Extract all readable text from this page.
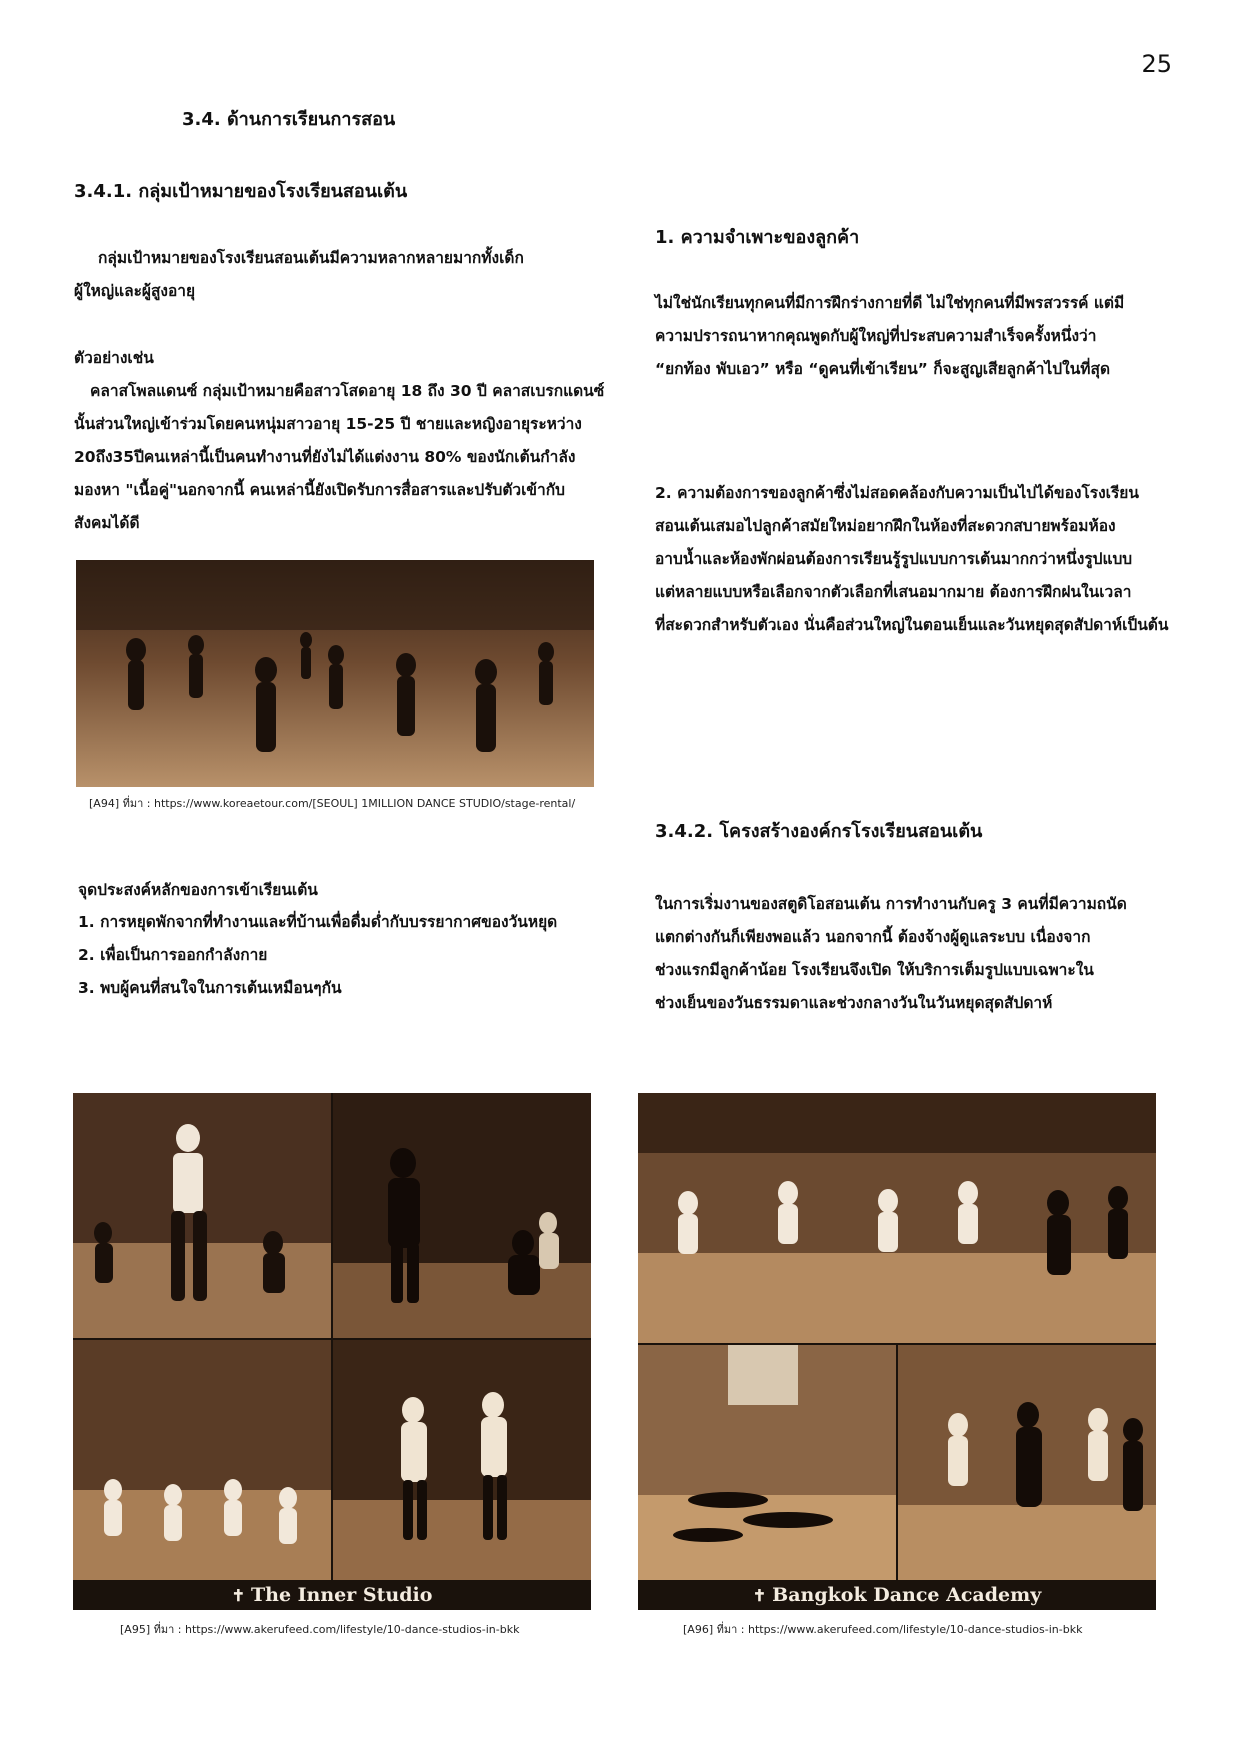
25
3.4. ด้านการเรียนการสอน
3.4.1. กลุ่มเป้าหมายของโรงเรียนสอนเต้น
กลุ่มเป้าหมายของโรงเรียนสอนเต้นมีความหลากหลายมากทั้งเด็ก
ผู้ใหญ่และผู้สูงอายุ
ตัวอย่างเช่น
คลาสโพลแดนซ์ กลุ่มเป้าหมายคือสาวโสดอายุ 18 ถึง 30 ปี คลาสเบรกแดนซ์
นั้นส่วนใหญ่เข้าร่วมโดยคนหนุ่มสาวอายุ 15-25 ปี ชายและหญิงอายุระหว่าง
20ถึง35ปีคนเหล่านี้เป็นคนทำงานที่ยังไม่ได้แต่งงาน 80% ของนักเต้นกำลัง
มองหา "เนื้อคู่"นอกจากนี้ คนเหล่านี้ยังเปิดรับการสื่อสารและปรับตัวเข้ากับ
สังคมได้ดี
[A94] ที่มา : https://www.koreaetour.com/[SEOUL] 1MILLION DANCE STUDIO/stage-rental/
จุดประสงค์หลักของการเข้าเรียนเต้น
1. การหยุดพักจากที่ทำงานและที่บ้านเพื่อดื่มด่ำกับบรรยากาศของวันหยุด
2. เพื่อเป็นการออกกำลังกาย
3. พบผู้คนที่สนใจในการเต้นเหมือนๆกัน
1. ความจำเพาะของลูกค้า
ไม่ใช่นักเรียนทุกคนที่มีการฝึกร่างกายที่ดี ไม่ใช่ทุกคนที่มีพรสวรรค์ แต่มี
ความปรารถนาหากคุณพูดกับผู้ใหญ่ที่ประสบความสำเร็จครั้งหนึ่งว่า
“ยกท้อง พับเอว” หรือ “ดูคนที่เข้าเรียน” ก็จะสูญเสียลูกค้าไปในที่สุด
2. ความต้องการของลูกค้าซึ่งไม่สอดคล้องกับความเป็นไปได้ของโรงเรียน
สอนเต้นเสมอไปลูกค้าสมัยใหม่อยากฝึกในห้องที่สะดวกสบายพร้อมห้อง
อาบน้ำและห้องพักผ่อนต้องการเรียนรู้รูปแบบการเต้นมากกว่าหนึ่งรูปแบบ
แต่หลายแบบหรือเลือกจากตัวเลือกที่เสนอมากมาย ต้องการฝึกฝนในเวลา
ที่สะดวกสำหรับตัวเอง นั่นคือส่วนใหญ่ในตอนเย็นและวันหยุดสุดสัปดาห์เป็นต้น
3.4.2. โครงสร้างองค์กรโรงเรียนสอนเต้น
ในการเริ่มงานของสตูดิโอสอนเต้น การทำงานกับครู 3 คนที่มีความถนัด
แตกต่างกันก็เพียงพอแล้ว นอกจากนี้ ต้องจ้างผู้ดูแลระบบ เนื่องจาก
ช่วงแรกมีลูกค้าน้อย โรงเรียนจึงเปิด ให้บริการเต็มรูปแบบเฉพาะใน
ช่วงเย็นของวันธรรมดาและช่วงกลางวันในวันหยุดสุดสัปดาห์
✝ The Inner Studio
[A95] ที่มา : https://www.akerufeed.com/lifestyle/10-dance-studios-in-bkk
✝ Bangkok Dance Academy
[A96] ที่มา : https://www.akerufeed.com/lifestyle/10-dance-studios-in-bkk
